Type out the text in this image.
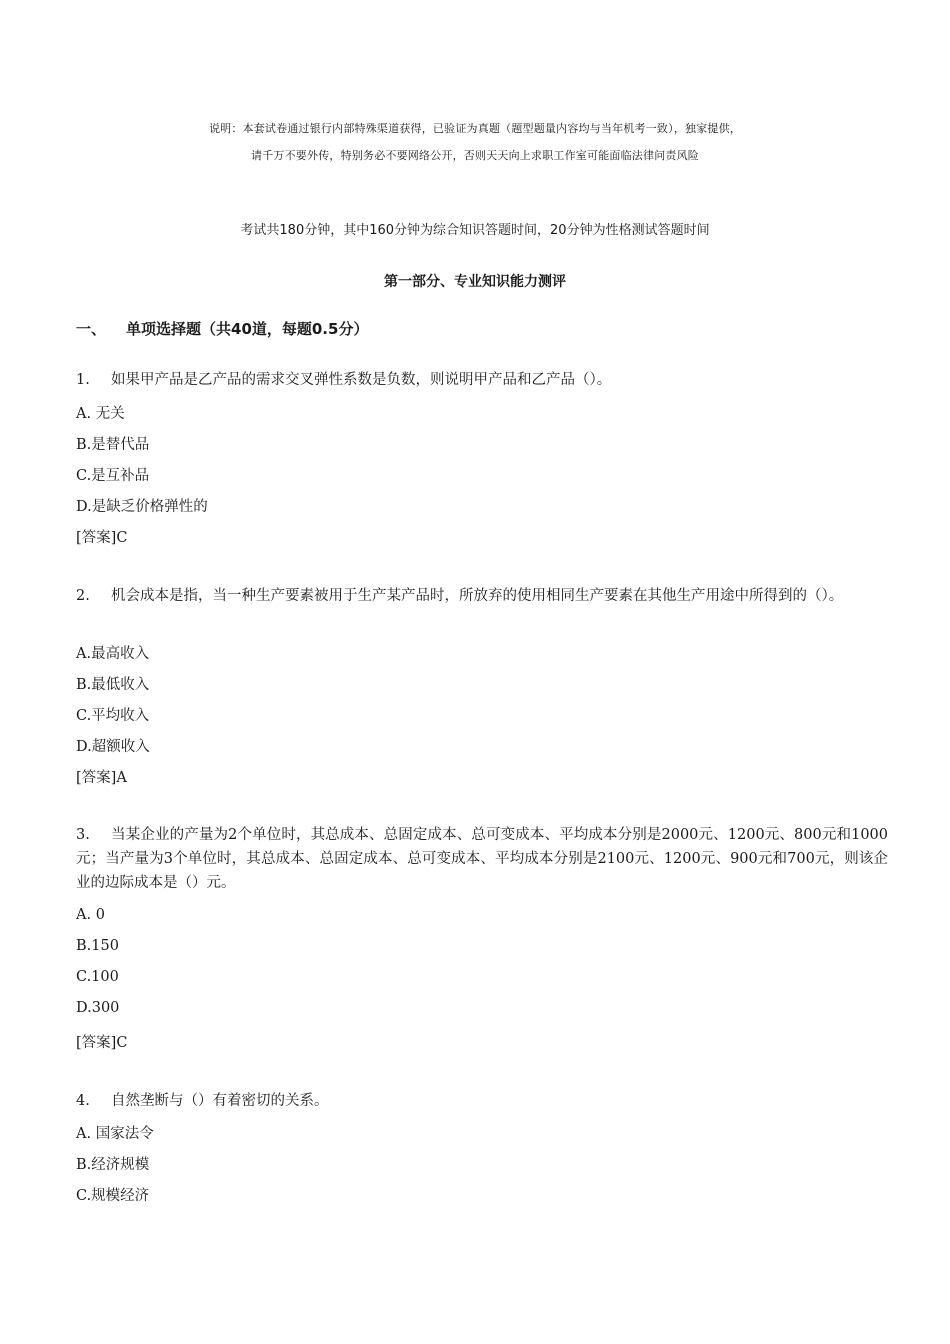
说明：本套试卷通过银行内部特殊渠道获得，已验证为真题（题型题量内容均与当年机考一致），独家提供，
请千万不要外传，特别务必不要网络公开，否则天天向上求职工作室可能面临法律问责风险
考试共180分钟，其中160分钟为综合知识答题时间，20分钟为性格测试答题时间
第一部分、专业知识能力测评
一、 单项选择题（共40道，每题0.5分）
1. 如果甲产品是乙产品的需求交叉弹性系数是负数，则说明甲产品和乙产品（）。
A. 无关
B.是替代品
C.是互补品
D.是缺乏价格弹性的
[答案]C
2. 机会成本是指，当一种生产要素被用于生产某产品时，所放弃的使用相同生产要素在其他生产用途中所得到的（）。
A.最高收入
B.最低收入
C.平均收入
D.超额收入
[答案]A
3. 当某企业的产量为2个单位时，其总成本、总固定成本、总可变成本、平均成本分别是2000元、1200元、800元和1000元；当产量为3个单位时，其总成本、总固定成本、总可变成本、平均成本分别是2100元、1200元、900元和700元，则该企业的边际成本是（）元。
A. 0
B.150
C.100
D.300
[答案]C
4. 自然垄断与（）有着密切的关系。
A. 国家法令
B.经济规模
C.规模经济
